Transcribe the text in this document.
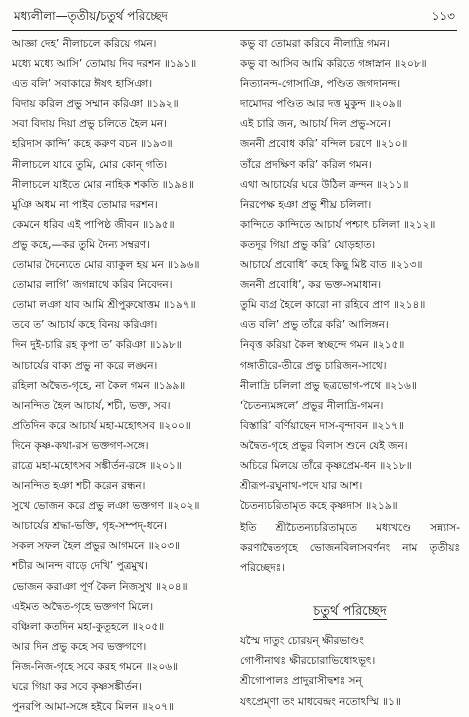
মধ্যলীলা—তৃতীয়/চতুর্থ পরিচ্ছেদ	১১৩
আজ্ঞা দেহ’ নীলাচলে করিয়ে গমন।
মধ্যে মধ্যে আসি’ তোমায় দিব দরশন ॥১৯১॥
এত বলি’ সবাকারে ঈষৎ হাসিঞা।
বিদায় করিল প্রভু সম্মান করিঞা ॥১৯২॥
সবা বিদায় দিয়া প্রভু চলিতে হৈল মন।
হরিদাস কান্দি’ কহে করুণ বচন ॥১৯৩॥
নীলাচলে যাবে তুমি, মোর কোন্ গতি।
নীলাচলে যাইতে মোর নাহিক শকতি ॥১৯৪॥
মুঞি অধম না পাইব তোমার দরশন।
কেমনে ধরিব এই পাপিষ্ঠ জীবন ॥১৯৫॥
প্রভু কহে,—কর তুমি দৈন্য সম্বরণ।
তোমার দৈন্যেতে মোর ব্যাকুল হয় মন ॥১৯৬॥
তোমার লাগি’ জগন্নাথে করিব নিবেদন।
তোমা লঞা যাব আমি শ্রীপুরুষোত্তম ॥১৯৭॥
তবে ত’ আচার্য কহে বিনয় করিঞা।
দিন দুই-চারি রহ কৃপা ত’ করিঞা ॥১৯৮॥
আচার্যের বাক্য প্রভু না করে লঙ্ঘন।
রহিলা অদ্বৈত-গৃহে, না কৈল গমন ॥১৯৯॥
আনন্দিত হৈল আচার্য, শচী, ভক্ত, সব।
প্রতিদিন করে আচার্য মহা-মহোৎসব ॥২০০॥
দিনে কৃষ্ণ-কথা-রস ভক্তগণ-সঙ্গে।
রাত্রে মহা-মহোৎসব সঙ্কীর্তন-রঙ্গে ॥২০১॥
আনন্দিত হঞা শচী করেন রন্ধন।
সুখে ভোজন করে প্রভু লঞা ভক্তগণ ॥২০২॥
আচার্যের শ্রদ্ধা-ভক্তি, গৃহ-সম্পদ্-ধনে।
সকল সফল হৈল প্রভুর আগমনে ॥২০৩॥
শচীর আনন্দ বাড়ে দেখি’ পুত্রমুখ।
ভোজন করাঞা পূর্ণ কৈল নিজসুখ ॥২০৪॥
এইমত অদ্বৈত-গৃহে ভক্তগণ মিলে।
বঞ্চিলা কতদিন মহা-কুতূহলে ॥২০৫॥
আর দিন প্রভু কহে সব ভক্তগণে।
নিজ-নিজ-গৃহে সবে করহ গমনে ॥২০৬॥
ঘরে গিয়া কর সবে কৃষ্ণসঙ্কীর্তন।
পুনরপি আমা-সঙ্গে হইবে মিলন ॥২০৭॥
কভু বা তোমরা করিবে নীলাদ্রি গমন।
কভু বা আসিব আমি করিতে গঙ্গাস্নান ॥২০৮॥
নিত্যানন্দ-গোসাঞি, পণ্ডিত জগদানন্দ।
দামোদর পণ্ডিত আর দত্ত মুকুন্দ ॥২০৯॥
এই চারি জন, আচার্য দিল প্রভু-সনে।
জননী প্রবোধ করি’ বন্দিল চরণে ॥২১০॥
তাঁরে প্রদক্ষিণ করি’ করিল গমন।
এথা আচার্যের ঘরে উঠিল ক্রন্দন ॥২১১॥
নিরপেক্ষ হঞা প্রভু শীঘ্র চলিলা।
কান্দিতে কান্দিতে আচার্য পশ্চাৎ চলিলা ॥২১২॥
কতদূর গিয়া প্রভু করি’ যোড়হাত।
আচার্যে প্রবোধি’ কহে কিছু মিষ্ট বাত ॥২১৩॥
জননী প্রবোধি’, কর ভক্ত-সমাধান।
তুমি ব্যগ্র হৈলে কারো না রহিবে প্রাণ ॥২১৪॥
এত বলি’ প্রভু তাঁরে করি’ আলিঙ্গন।
নিবৃত্ত করিয়া কৈল স্বচ্ছন্দে গমন ॥২১৫॥
গঙ্গাতীরে-তীরে প্রভু চারিজন-সাথে।
নীলাদ্রি চলিলা প্রভু ছত্রভোগ-পথে ॥২১৬॥
‘চৈতন্যমঙ্গলে’ প্রভুর নীলাদ্রি-গমন।
বিস্তারি’ বর্ণিয়াছেন দাস-বৃন্দাবন ॥২১৭॥
অদ্বৈত-গৃহে প্রভুর বিলাস শুনে যেই জন।
অচিরে মিলয়ে তাঁরে কৃষ্ণপ্রেম-ধন ॥২১৮॥
শ্রীরূপ-রঘুনাথ-পদে যার আশ।
চৈতন্যচরিতামৃত কহে কৃষ্ণদাস ॥২১৯॥
ইতি শ্রীচৈতন্যচরিতামৃতে মধ্যখণ্ডে সন্ন্যাস-করণাদ্বৈতগৃহে ভোজনবিলাসবর্ণনং নাম তৃতীয়ঃ পরিচ্ছেদঃ।
চতুর্থ পরিচ্ছেদ
যস্মৈ দাতুং চোরয়ন্ ক্ষীরভাণ্ডং
গোপীনাথঃ ক্ষীরচোরাভিধোঽভূৎ।
শ্রীগোপালঃ প্রাদুরাসীদ্বশঃ সন্
যৎপ্রেম্ণা তং মাধবেন্দ্রং নতোঽস্মি ॥১॥
